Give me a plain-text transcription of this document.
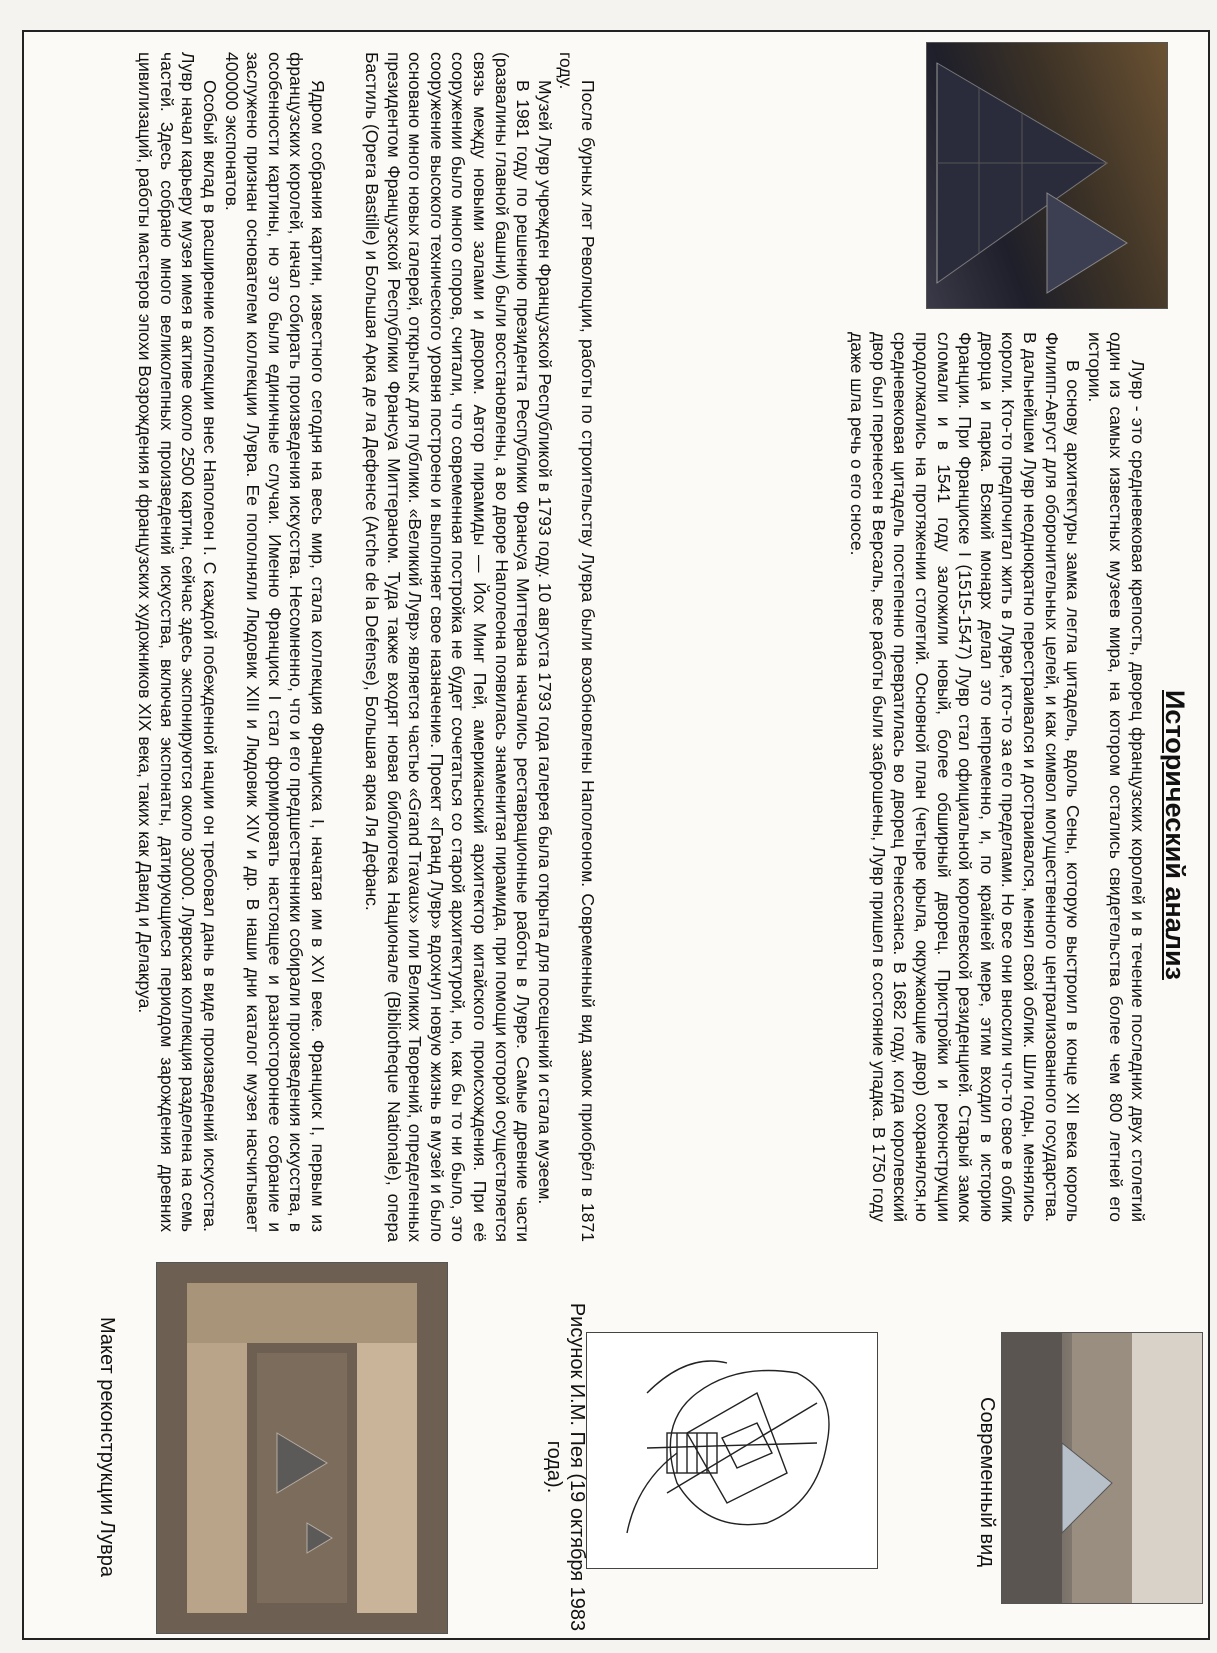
Исторический анализ

Лувр - это средневековая крепость, дворец французских королей и в течение последних двух столетий один из самых известных музеев мира, на котором остались свидетельства более чем 800 летней его истории.

В основу архитектуры замка легла цитадель, вдоль Сены, которую выстроил в конце XII века король Филипп-Август для оборонительных целей, и как символ могущественного централизованного государства. В дальнейшем Лувр неоднократно перестраивался и достраивался, менял свой облик. Шли годы, менялись короли. Кто-то предпочитал жить в Лувре, кто-то за его пределами. Но все они вносили что-то свое в облик дворца и парка. Всякий монарх делал это непременно, и, по крайней мере, этим входил в историю Франции. При Франциске I (1515-1547) Лувр стал официальной королевской резиденцией. Старый замок сломали и в 1541 году заложили новый, более обширный дворец. Пристройки и реконструкции продолжались на протяжении столетий. Основной план (четыре крыла, окружающие двор) сохранялся,но средневековая цитадель постепенно превратилась во дворец Ренессанса. В 1682 году, когда королевский двор был перенесен в Версаль, все работы были заброшены, Лувр пришел в состояние упадка. В 1750 году даже шла речь о его сносе.

После бурных лет Революции, работы по строительству Лувра были возобновлены Наполеоном. Современный вид замок приобрёл в 1871 году.

Музей Лувр учрежден Французской Республикой в 1793 году. 10 августа 1793 года галерея была открыта для посещений и стала музеем.

В 1981 году по решению президента Республики Франсуа Миттерана начались реставрационные работы в Лувре. Самые древние части (развалины главной башни) были восстановлены, а во дворе Наполеона появилась знаменитая пирамида, при помощи которой осуществляется связь между новыми залами и двором. Автор пирамиды — Йох Минг Пей, американский архитектор китайского происхождения. При её сооружении было много споров, считали, что современная постройка не будет сочетаться со старой архитектурой, но, как бы то ни было, это сооружение высокого технического уровня построено и выполняет свое назначение. Проект «Гранд Лувр» вдохнул новую жизнь в музей и было основано много новых галерей, открытых для публики. «Великий Лувр» является частью «Grand Travaux» или Великих Творений, определенных президентом Французской Республики Франсуа Миттераном. Туда также входят новая библиотека Национале (Bibliotheque Nationale), опера Бастиль (Opera Bastille) и Большая Арка де ла Дефенсе (Arche de la Defense), Большая арка Ля Дефанс.

Ядром собрания картин, известного сегодня на весь мир, стала коллекция Франциска I, начатая им в XVI веке. Франциск I, первым из французских королей, начал собирать произведения искусства. Несомненно, что и его предшественники собирали произведения искусства, в особенности картины, но это были единичные случаи. Именно Франциск I стал формировать настоящее и разностороннее собрание и заслужено признан основателем коллекции Лувра. Ее пополняли Людовик XIII и Людовик XIV и др. В наши дни каталог музея насчитывает 400000 экспонатов.

Особый вклад в расширение коллекции внес Наполеон I. С каждой побежденной нации он требовал дань в виде произведений искусства. Лувр начал карьеру музея имея в активе около 2500 картин, сейчас здесь экспонируются около 30000. Луврская коллекция разделена на семь частей. Здесь собрано много великолепных произведений искусства, включая экспонаты, датирующиеся периодом зарождения древних цивилизаций, работы мастеров эпохи Возрождения и французских художников XIX века, таких как Давид и Делакруа.

Современный вид
Рисунок И.М. Пея (19 октября 1983 года).
Макет реконструкции Лувра
